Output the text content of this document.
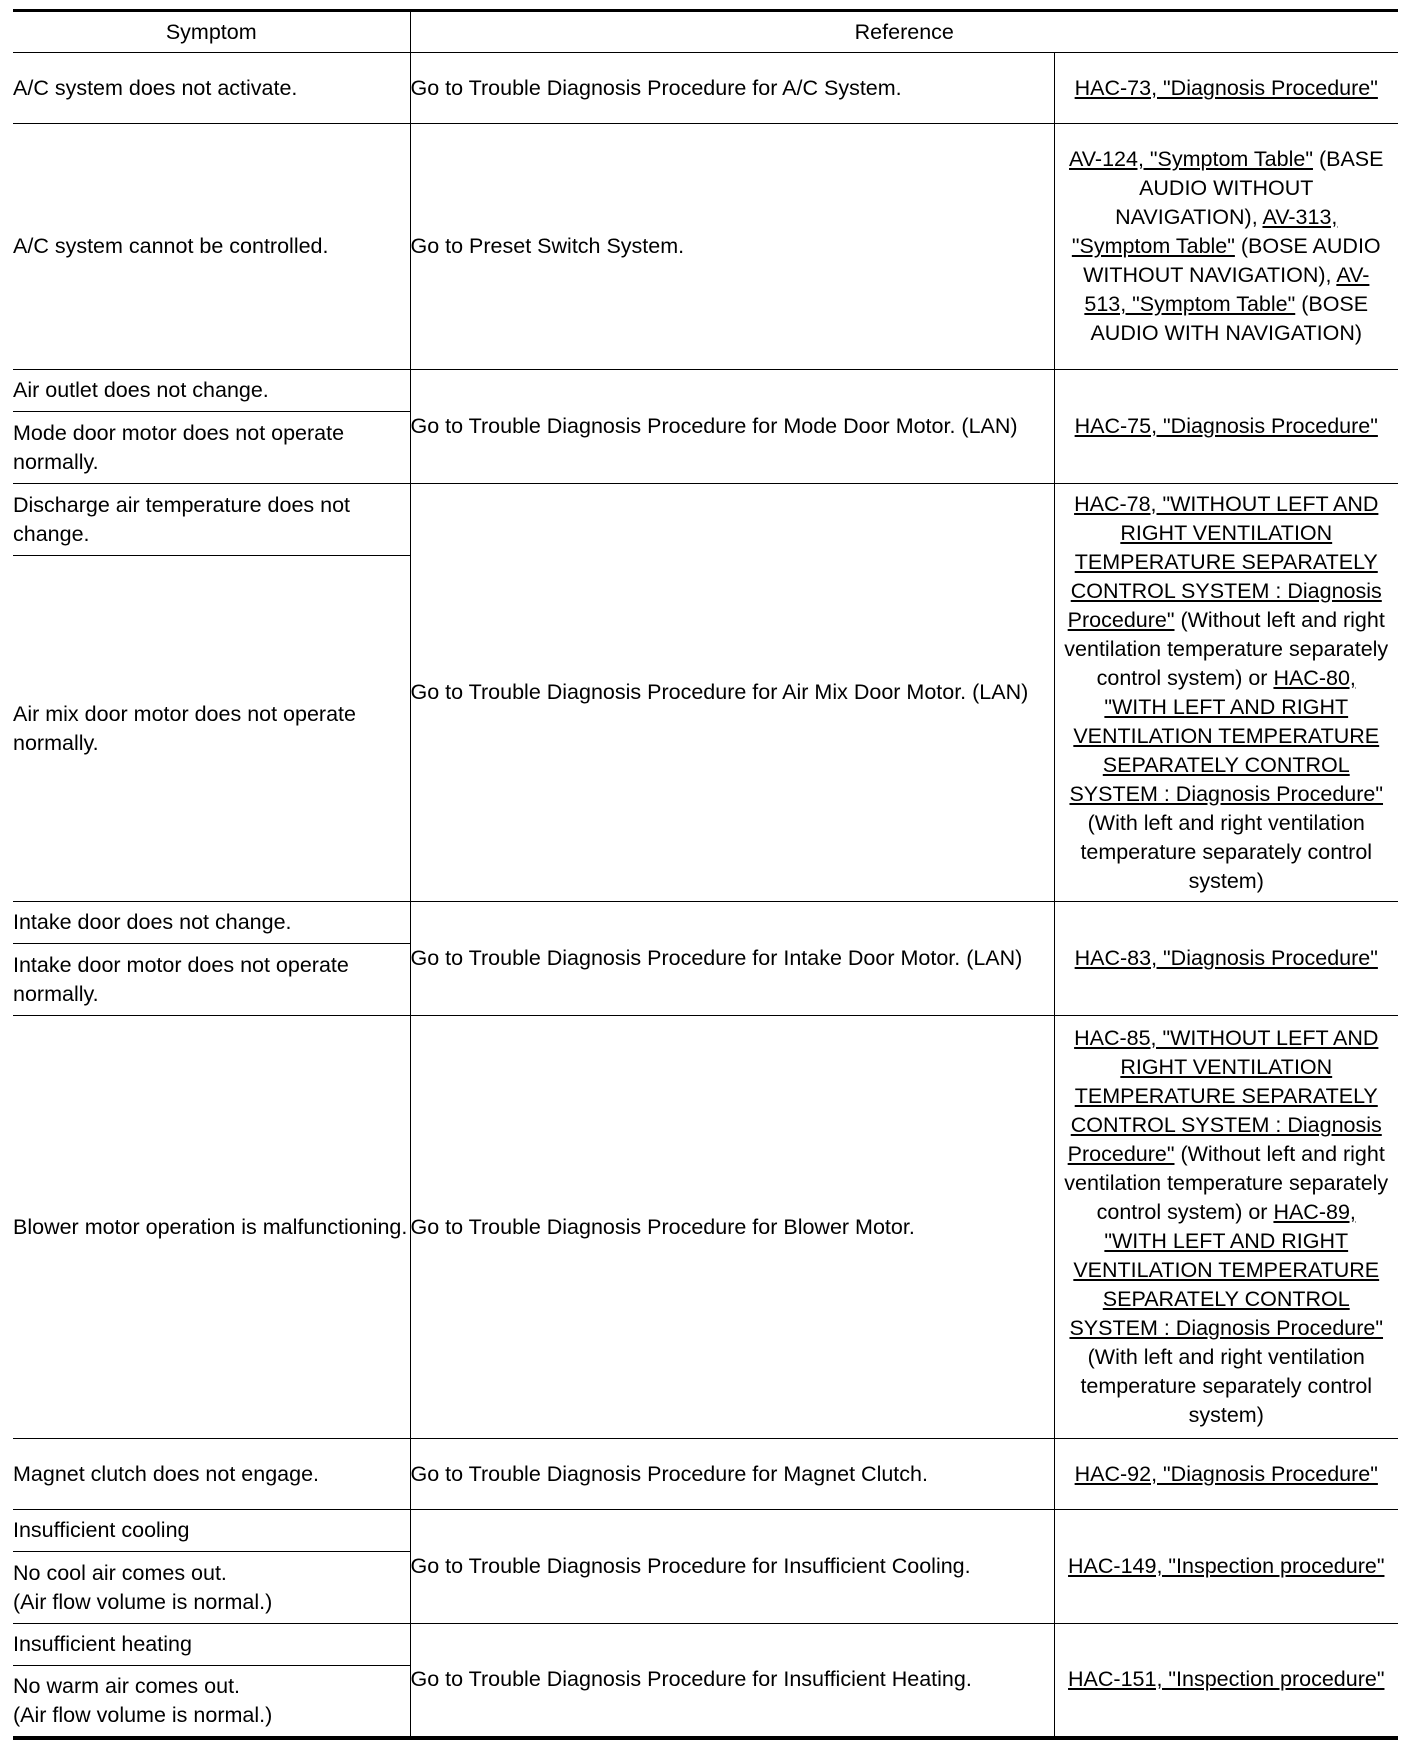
Symptom	Reference	
A/C system does not activate.	Go to Trouble Diagnosis Procedure for A/C System.	HAC-73, "Diagnosis Procedure"

A/C system cannot be controlled.	Go to Preset Switch System.	AV-124, "Symptom Table" (BASE AUDIO WITHOUT NAVIGATION), AV-313, "Symptom Table" (BOSE AUDIO WITHOUT NAVIGATION), AV-513, "Symptom Table" (BOSE AUDIO WITH NAVIGATION)

Air outlet does not change.	Go to Trouble Diagnosis Procedure for Mode Door Motor. (LAN)	HAC-75, "Diagnosis Procedure"

Mode door motor does not operate normally.		
Discharge air temperature does not change.	Go to Trouble Diagnosis Procedure for Air Mix Door Motor. (LAN)	HAC-78, "WITHOUT LEFT AND RIGHT VENTILATION TEMPERATURE SEPARATELY CONTROL SYSTEM : Diagnosis Procedure" (Without left and right ventilation temperature separately control system) or HAC-80, "WITH LEFT AND RIGHT VENTILATION TEMPERATURE SEPARATELY CONTROL SYSTEM : Diagnosis Procedure" (With left and right ventilation temperature separately control system)

Air mix door motor does not operate normally.		
Intake door does not change.	Go to Trouble Diagnosis Procedure for Intake Door Motor. (LAN)	HAC-83, "Diagnosis Procedure"

Intake door motor does not operate normally.		
Blower motor operation is malfunctioning.	Go to Trouble Diagnosis Procedure for Blower Motor.	HAC-85, "WITHOUT LEFT AND RIGHT VENTILATION TEMPERATURE SEPARATELY CONTROL SYSTEM : Diagnosis Procedure" (Without left and right ventilation temperature separately control system) or HAC-89, "WITH LEFT AND RIGHT VENTILATION TEMPERATURE SEPARATELY CONTROL SYSTEM : Diagnosis Procedure" (With left and right ventilation temperature separately control system)

Magnet clutch does not engage.	Go to Trouble Diagnosis Procedure for Magnet Clutch.	HAC-92, "Diagnosis Procedure"

Insufficient cooling	Go to Trouble Diagnosis Procedure for Insufficient Cooling.	HAC-149, "Inspection procedure"

No cool air comes out.
(Air flow volume is normal.)		
Insufficient heating	Go to Trouble Diagnosis Procedure for Insufficient Heating.	HAC-151, "Inspection procedure"

No warm air comes out.
(Air flow volume is normal.)		
